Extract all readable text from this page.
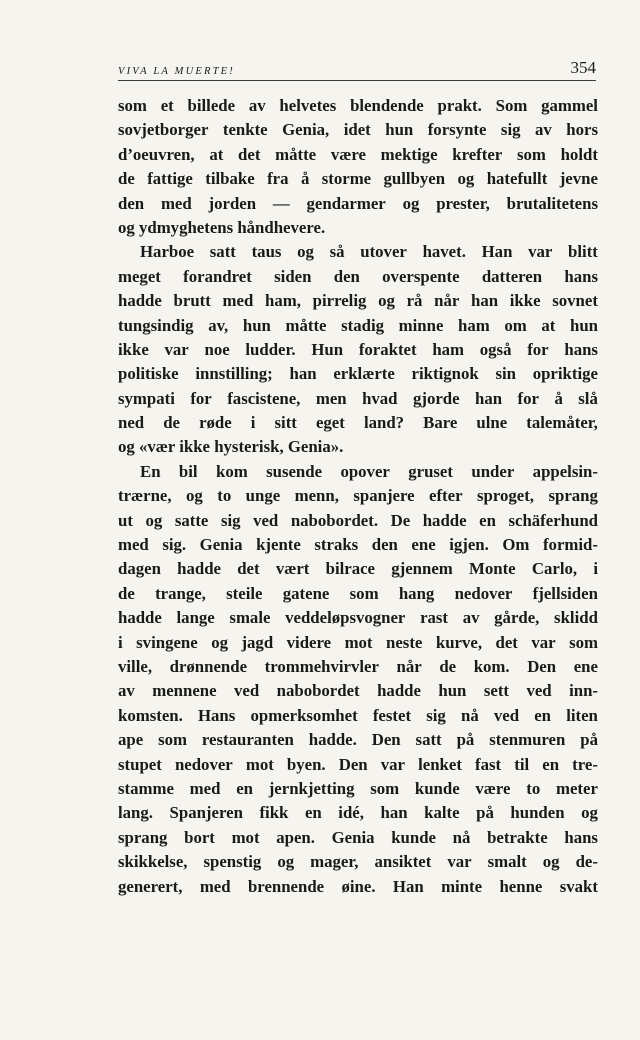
VIVA LA MUERTE!	354
som et billede av helvetes blendende prakt. Som gammel
sovjetborger tenkte Genia, idet hun forsynte sig av hors
d’oeuvren, at det måtte være mektige krefter som holdt
de fattige tilbake fra å storme gullbyen og hatefullt jevne
den med jorden — gendarmer og prester, brutalitetens
og ydmyghetens håndhevere.
Harboe satt taus og så utover havet. Han var blitt
meget forandret siden den overspente datteren hans
hadde brutt med ham, pirrelig og rå når han ikke sovnet
tungsindig av, hun måtte stadig minne ham om at hun
ikke var noe ludder. Hun foraktet ham også for hans
politiske innstilling; han erklærte riktignok sin opriktige
sympati for fascistene, men hvad gjorde han for å slå
ned de røde i sitt eget land? Bare ulne talemåter,
og «vær ikke hysterisk, Genia».
En bil kom susende opover gruset under appelsin-
trærne, og to unge menn, spanjere efter sproget, sprang
ut og satte sig ved nabobordet. De hadde en schäferhund
med sig. Genia kjente straks den ene igjen. Om formid-
dagen hadde det vært bilrace gjennem Monte Carlo, i
de trange, steile gatene som hang nedover fjellsiden
hadde lange smale veddeløpsvogner rast av gårde, sklidd
i svingene og jagd videre mot neste kurve, det var som
ville, drønnende trommehvirvler når de kom. Den ene
av mennene ved nabobordet hadde hun sett ved inn-
komsten. Hans opmerksomhet festet sig nå ved en liten
ape som restauranten hadde. Den satt på stenmuren på
stupet nedover mot byen. Den var lenket fast til en tre-
stamme med en jernkjetting som kunde være to meter
lang. Spanjeren fikk en idé, han kalte på hunden og
sprang bort mot apen. Genia kunde nå betrakte hans
skikkelse, spenstig og mager, ansiktet var smalt og de-
generert, med brennende øine. Han minte henne svakt
